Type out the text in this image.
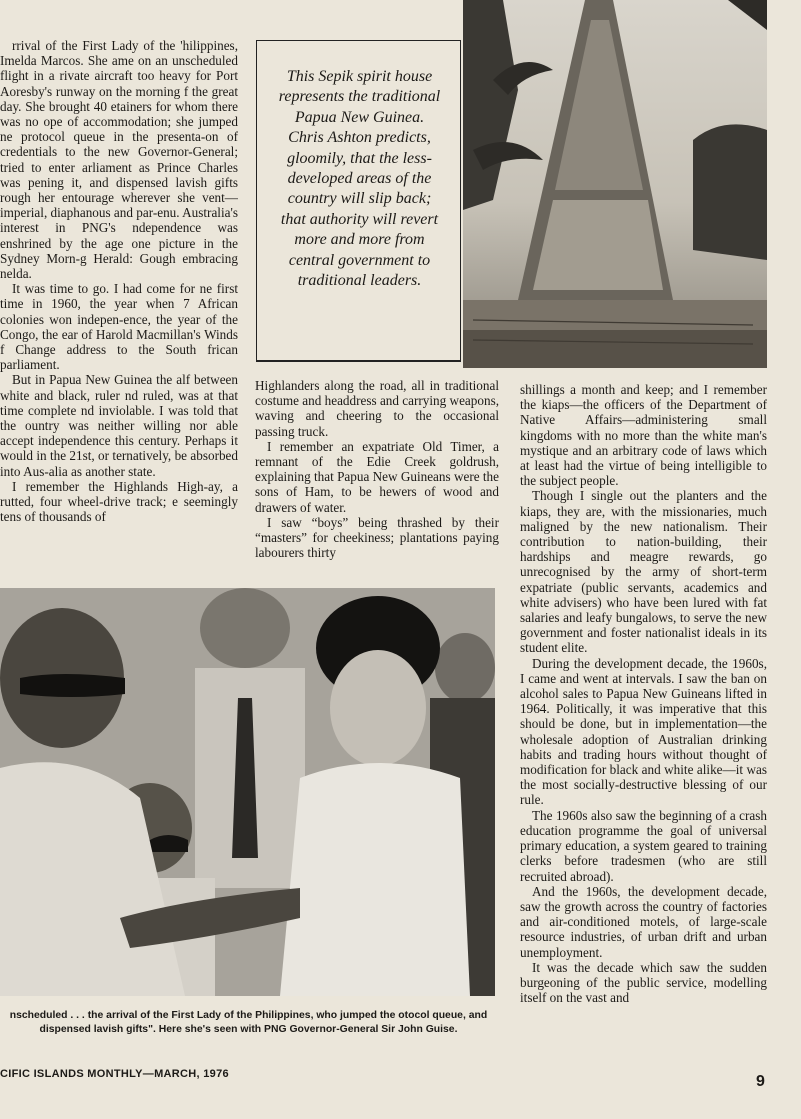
rrival of the First Lady of the 'hilippines, Imelda Marcos. She ame on an unscheduled flight in a rivate aircraft too heavy for Port Aoresby's runway on the morning f the great day. She brought 40 etainers for whom there was no ope of accommodation; she jumped ne protocol queue in the presenta-on of credentials to the new Governor-General; tried to enter arliament as Prince Charles was pening it, and dispensed lavish gifts rough her entourage wherever she vent—imperial, diaphanous and par-enu. Australia's interest in PNG's ndependence was enshrined by the age one picture in the Sydney Morn-g Herald: Gough embracing nelda.

It was time to go. I had come for ne first time in 1960, the year when 7 African colonies won indepen-ence, the year of the Congo, the ear of Harold Macmillan's Winds f Change address to the South frican parliament.

But in Papua New Guinea the alf between white and black, ruler nd ruled, was at that time complete nd inviolable. I was told that the ountry was neither willing nor able accept independence this century. Perhaps it would in the 21st, or ternatively, be absorbed into Aus-alia as another state.

I remember the Highlands High-ay, a rutted, four wheel-drive track; e seemingly tens of thousands of

This Sepik spirit house represents the traditional Papua New Guinea. Chris Ashton predicts, gloomily, that the less-developed areas of the country will slip back; that authority will revert more and more from central government to traditional leaders.

Highlanders along the road, all in traditional costume and headdress and carrying weapons, waving and cheering to the occasional passing truck.

I remember an expatriate Old Timer, a remnant of the Edie Creek goldrush, explaining that Papua New Guineans were the sons of Ham, to be hewers of wood and drawers of water.

I saw “boys” being thrashed by their “masters” for cheekiness; plantations paying labourers thirty

shillings a month and keep; and I remember the kiaps—the officers of the Department of Native Affairs—administering small kingdoms with no more than the white man's mystique and an arbitrary code of laws which at least had the virtue of being intelligible to the subject people.

Though I single out the planters and the kiaps, they are, with the missionaries, much maligned by the new nationalism. Their contribution to nation-building, their hardships and meagre rewards, go unrecognised by the army of short-term expatriate (public servants, academics and white advisers) who have been lured with fat salaries and leafy bungalows, to serve the new government and foster nationalist ideals in its student elite.

During the development decade, the 1960s, I came and went at intervals. I saw the ban on alcohol sales to Papua New Guineans lifted in 1964. Politically, it was imperative that this should be done, but in implementation—the wholesale adoption of Australian drinking habits and trading hours without thought of modification for black and white alike—it was the most socially-destructive blessing of our rule.

The 1960s also saw the beginning of a crash education programme the goal of universal primary education, a system geared to training clerks before tradesmen (who are still recruited abroad).

And the 1960s, the development decade, saw the growth across the country of factories and air-conditioned motels, of large-scale resource industries, of urban drift and urban unemployment.

It was the decade which saw the sudden burgeoning of the public service, modelling itself on the vast and

nscheduled . . . the arrival of the First Lady of the Philippines, who jumped the otocol queue, and dispensed lavish gifts". Here she's seen with PNG Governor-General Sir John Guise.
CIFIC ISLANDS MONTHLY—MARCH, 1976	9
